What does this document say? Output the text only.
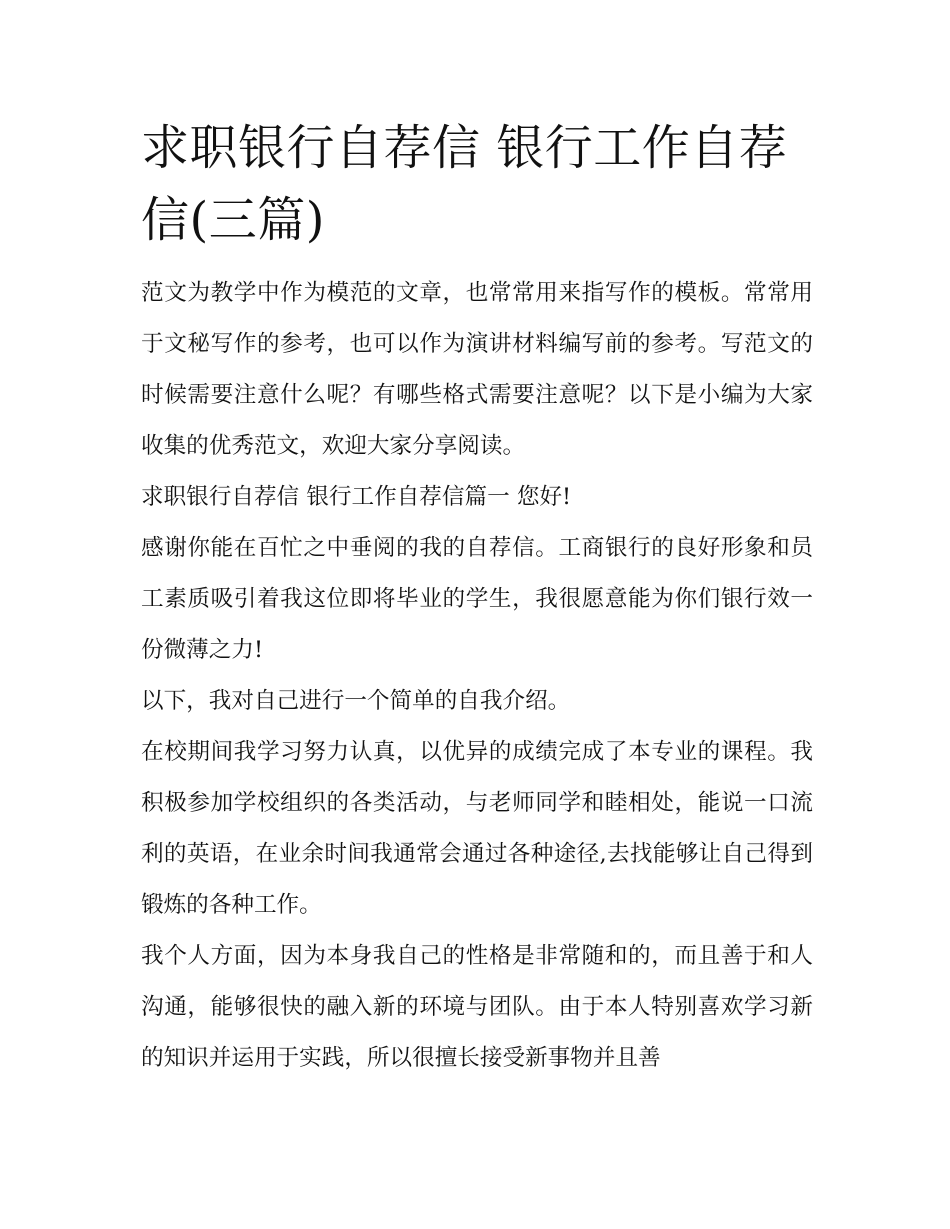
求职银行自荐信 银行工作自荐信(三篇)

范文为教学中作为模范的文章，也常常用来指写作的模板。常常用于文秘写作的参考，也可以作为演讲材料编写前的参考。写范文的时候需要注意什么呢？有哪些格式需要注意呢？以下是小编为大家收集的优秀范文，欢迎大家分享阅读。

求职银行自荐信 银行工作自荐信篇一 您好!

感谢你能在百忙之中垂阅的我的自荐信。工商银行的良好形象和员工素质吸引着我这位即将毕业的学生，我很愿意能为你们银行效一份微薄之力!

以下，我对自己进行一个简单的自我介绍。

在校期间我学习努力认真，以优异的成绩完成了本专业的课程。我积极参加学校组织的各类活动，与老师同学和睦相处，能说一口流利的英语，在业余时间我通常会通过各种途径,去找能够让自己得到锻炼的各种工作。

我个人方面，因为本身我自己的性格是非常随和的，而且善于和人沟通，能够很快的融入新的环境与团队。由于本人特别喜欢学习新的知识并运用于实践，所以很擅长接受新事物并且善
